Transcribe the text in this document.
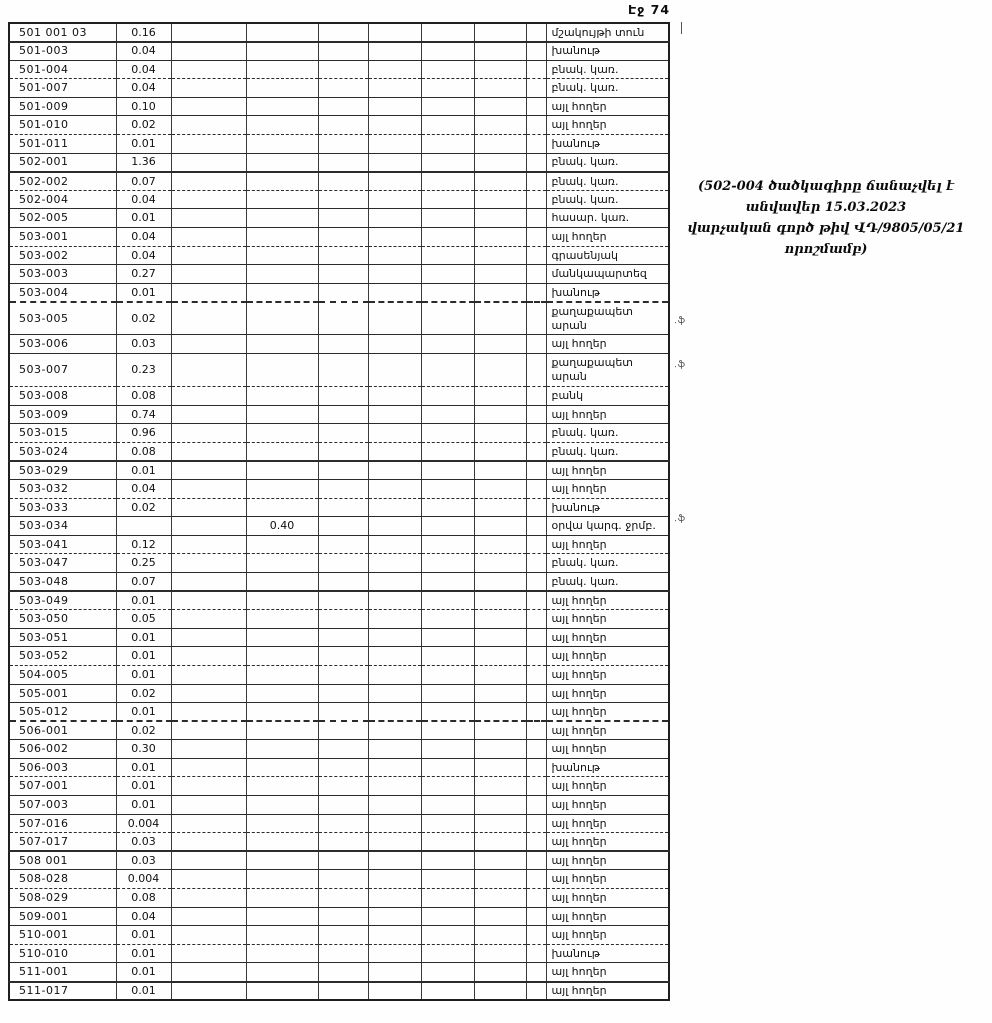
Էջ 74
501 001 03	0.16								մշակույթի տուն
501-003	0.04								խանութ
501-004	0.04								բնակ. կառ.
501-007	0.04								բնակ. կառ.
501-009	0.10								այլ հողեր
501-010	0.02								այլ հողեր
501-011	0.01								խանութ
502-001	1.36								բնակ. կառ.
502-002	0.07								բնակ. կառ.
502-004	0.04								բնակ. կառ.
502-005	0.01								հասար. կառ.
503-001	0.04								այլ հողեր
503-002	0.04								գրասենյակ
503-003	0.27								մանկապարտեզ
503-004	0.01								խանութ
503-005	0.02								քաղաքապետարան
503-006	0.03								այլ հողեր
503-007	0.23								քաղաքապետարան
503-008	0.08								բանկ
503-009	0.74								այլ հողեր
503-015	0.96								բնակ. կառ.
503-024	0.08								բնակ. կառ.
503-029	0.01								այլ հողեր
503-032	0.04								այլ հողեր
503-033	0.02								խանութ
503-034			0.40						օրվա կարգ. ջրմբ.
503-041	0.12								այլ հողեր
503-047	0.25								բնակ. կառ.
503-048	0.07								բնակ. կառ.
503-049	0.01								այլ հողեր
503-050	0.05								այլ հողեր
503-051	0.01								այլ հողեր
503-052	0.01								այլ հողեր
504-005	0.01								այլ հողեր
505-001	0.02								այլ հողեր
505-012	0.01								այլ հողեր
506-001	0.02								այլ հողեր
506-002	0.30								այլ հողեր
506-003	0.01								խանութ
507-001	0.01								այլ հողեր
507-003	0.01								այլ հողեր
507-016	0.004								այլ հողեր
507-017	0.03								այլ հողեր
508 001	0.03								այլ հողեր
508-028	0.004								այլ հողեր
508-029	0.08								այլ հողեր
509-001	0.04								այլ հողեր
510-001	0.01								այլ հողեր
510-010	0.01								խանութ
511-001	0.01								այլ հողեր
511-017	0.01								այլ հողեր
(502-004 ծածկագիրը ճանաչվել է անվավեր 15.03.2023
վարչական գործ թիվ ՎԴ/9805/05/21 որոշմամբ)
.ֆ
.ֆ
.ֆ
